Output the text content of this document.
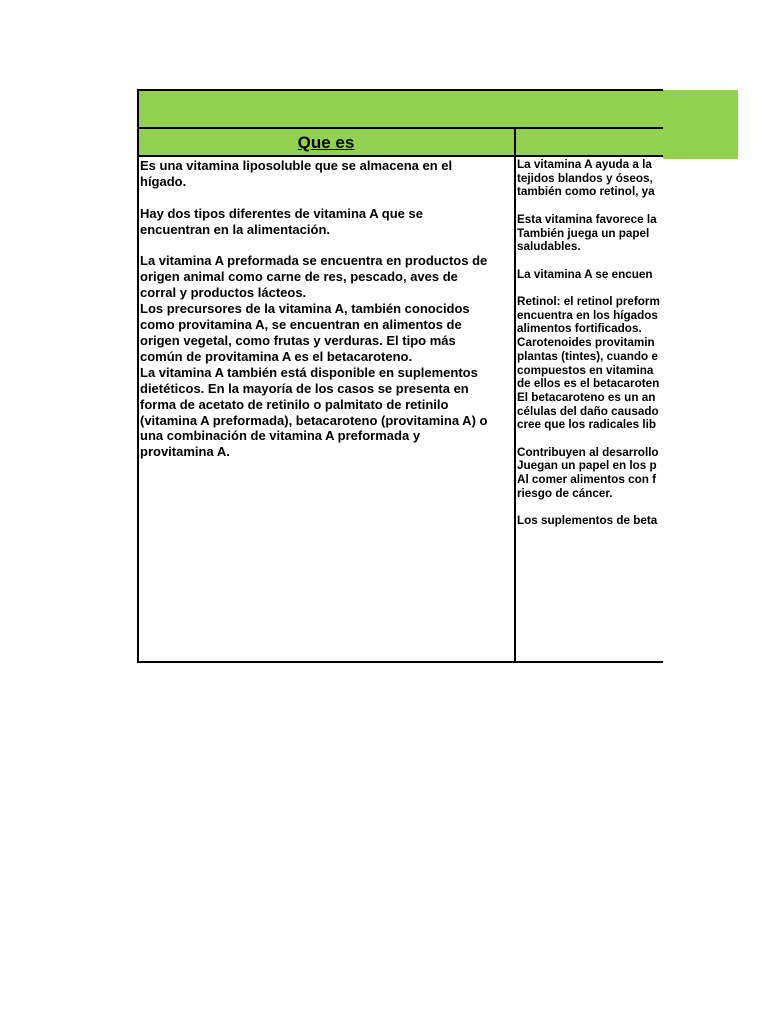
Que es
Es una vitamina liposoluble que se almacena en el
hígado.

Hay dos tipos diferentes de vitamina A que se
encuentran en la alimentación.

La vitamina A preformada se encuentra en productos de
origen animal como carne de res, pescado, aves de
corral y productos lácteos.
Los precursores de la vitamina A, también conocidos
como provitamina A, se encuentran en alimentos de
origen vegetal, como frutas y verduras. El tipo más
común de provitamina A es el betacaroteno.
La vitamina A también está disponible en suplementos
dietéticos. En la mayoría de los casos se presenta en
forma de acetato de retinilo o palmitato de retinilo
(vitamina A preformada), betacaroteno (provitamina A) o
una combinación de vitamina A preformada y
provitamina A.
La vitamina A ayuda a la
tejidos blandos y óseos,
también como retinol, ya

Esta vitamina favorece la
También juega un papel
saludables.

La vitamina A se encuen

Retinol: el retinol preform
encuentra en los hígados
alimentos fortificados.
Carotenoides provitamin
plantas (tintes), cuando e
compuestos en vitamina
de ellos es el betacaroten
El betacaroteno es un an
células del daño causado
cree que los radicales lib

Contribuyen al desarrollo
Juegan un papel en los p
Al comer alimentos con f
riesgo de cáncer.

Los suplementos de beta
